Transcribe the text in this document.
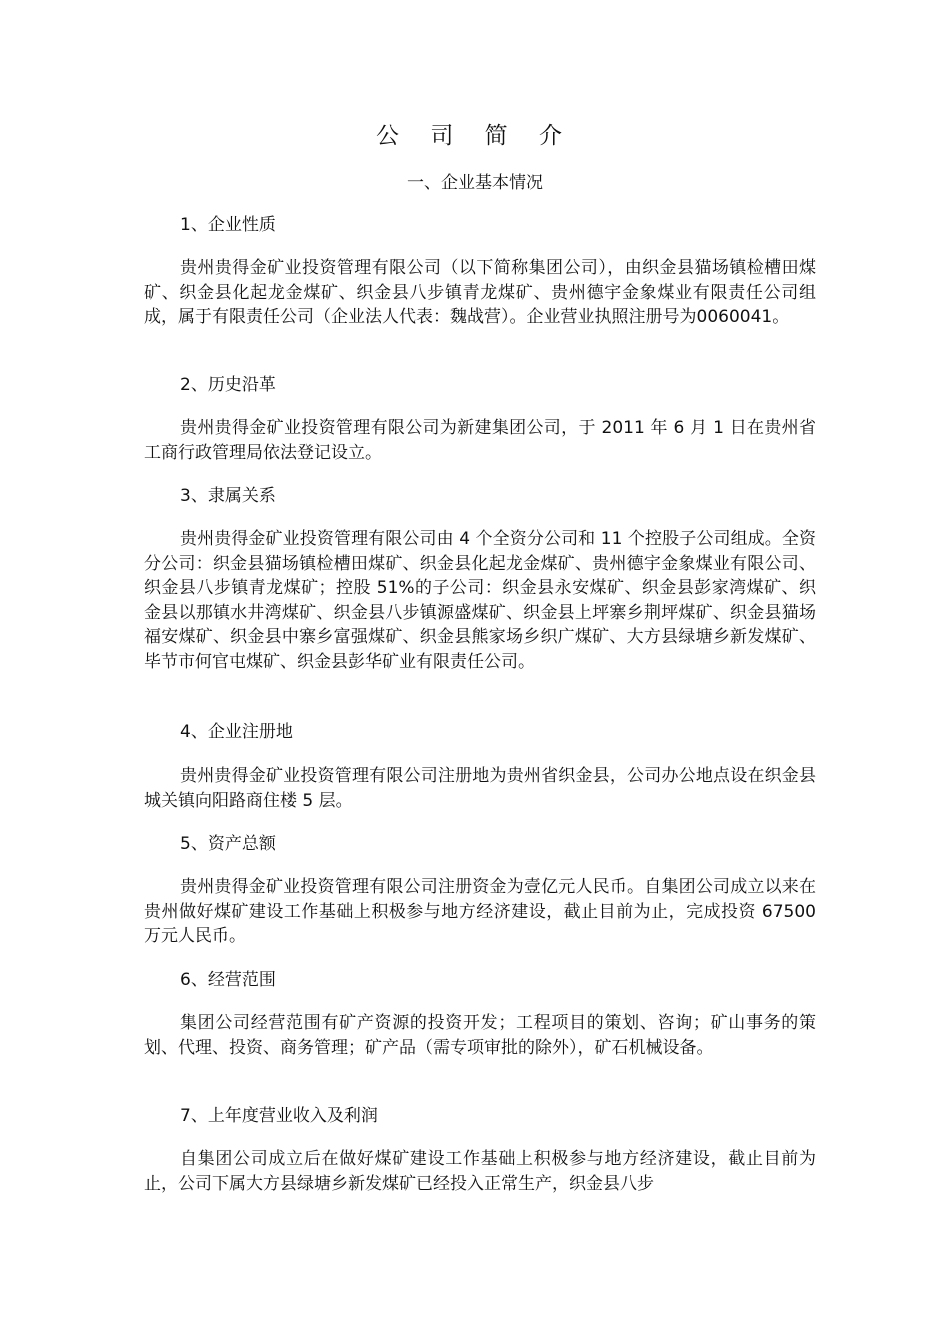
公 司 简 介
一、企业基本情况
1、企业性质
贵州贵得金矿业投资管理有限公司（以下简称集团公司），由织金县猫场镇检槽田煤矿、织金县化起龙金煤矿、织金县八步镇青龙煤矿、贵州德宇金象煤业有限责任公司组成，属于有限责任公司（企业法人代表：魏战营）。企业营业执照注册号为0060041。
2、历史沿革
贵州贵得金矿业投资管理有限公司为新建集团公司，于 2011 年 6 月 1 日在贵州省工商行政管理局依法登记设立。
3、隶属关系
贵州贵得金矿业投资管理有限公司由 4 个全资分公司和 11 个控股子公司组成。全资分公司：织金县猫场镇检槽田煤矿、织金县化起龙金煤矿、贵州德宇金象煤业有限公司、织金县八步镇青龙煤矿；控股 51%的子公司：织金县永安煤矿、织金县彭家湾煤矿、织金县以那镇水井湾煤矿、织金县八步镇源盛煤矿、织金县上坪寨乡荆坪煤矿、织金县猫场福安煤矿、织金县中寨乡富强煤矿、织金县熊家场乡织广煤矿、大方县绿塘乡新发煤矿、毕节市何官屯煤矿、织金县彭华矿业有限责任公司。
4、企业注册地
贵州贵得金矿业投资管理有限公司注册地为贵州省织金县，公司办公地点设在织金县城关镇向阳路商住楼 5 层。
5、资产总额
贵州贵得金矿业投资管理有限公司注册资金为壹亿元人民币。自集团公司成立以来在贵州做好煤矿建设工作基础上积极参与地方经济建设，截止目前为止，完成投资 67500 万元人民币。
6、经营范围
集团公司经营范围有矿产资源的投资开发；工程项目的策划、咨询；矿山事务的策划、代理、投资、商务管理；矿产品（需专项审批的除外），矿石机械设备。
7、上年度营业收入及利润
自集团公司成立后在做好煤矿建设工作基础上积极参与地方经济建设，截止目前为止，公司下属大方县绿塘乡新发煤矿已经投入正常生产，织金县八步
